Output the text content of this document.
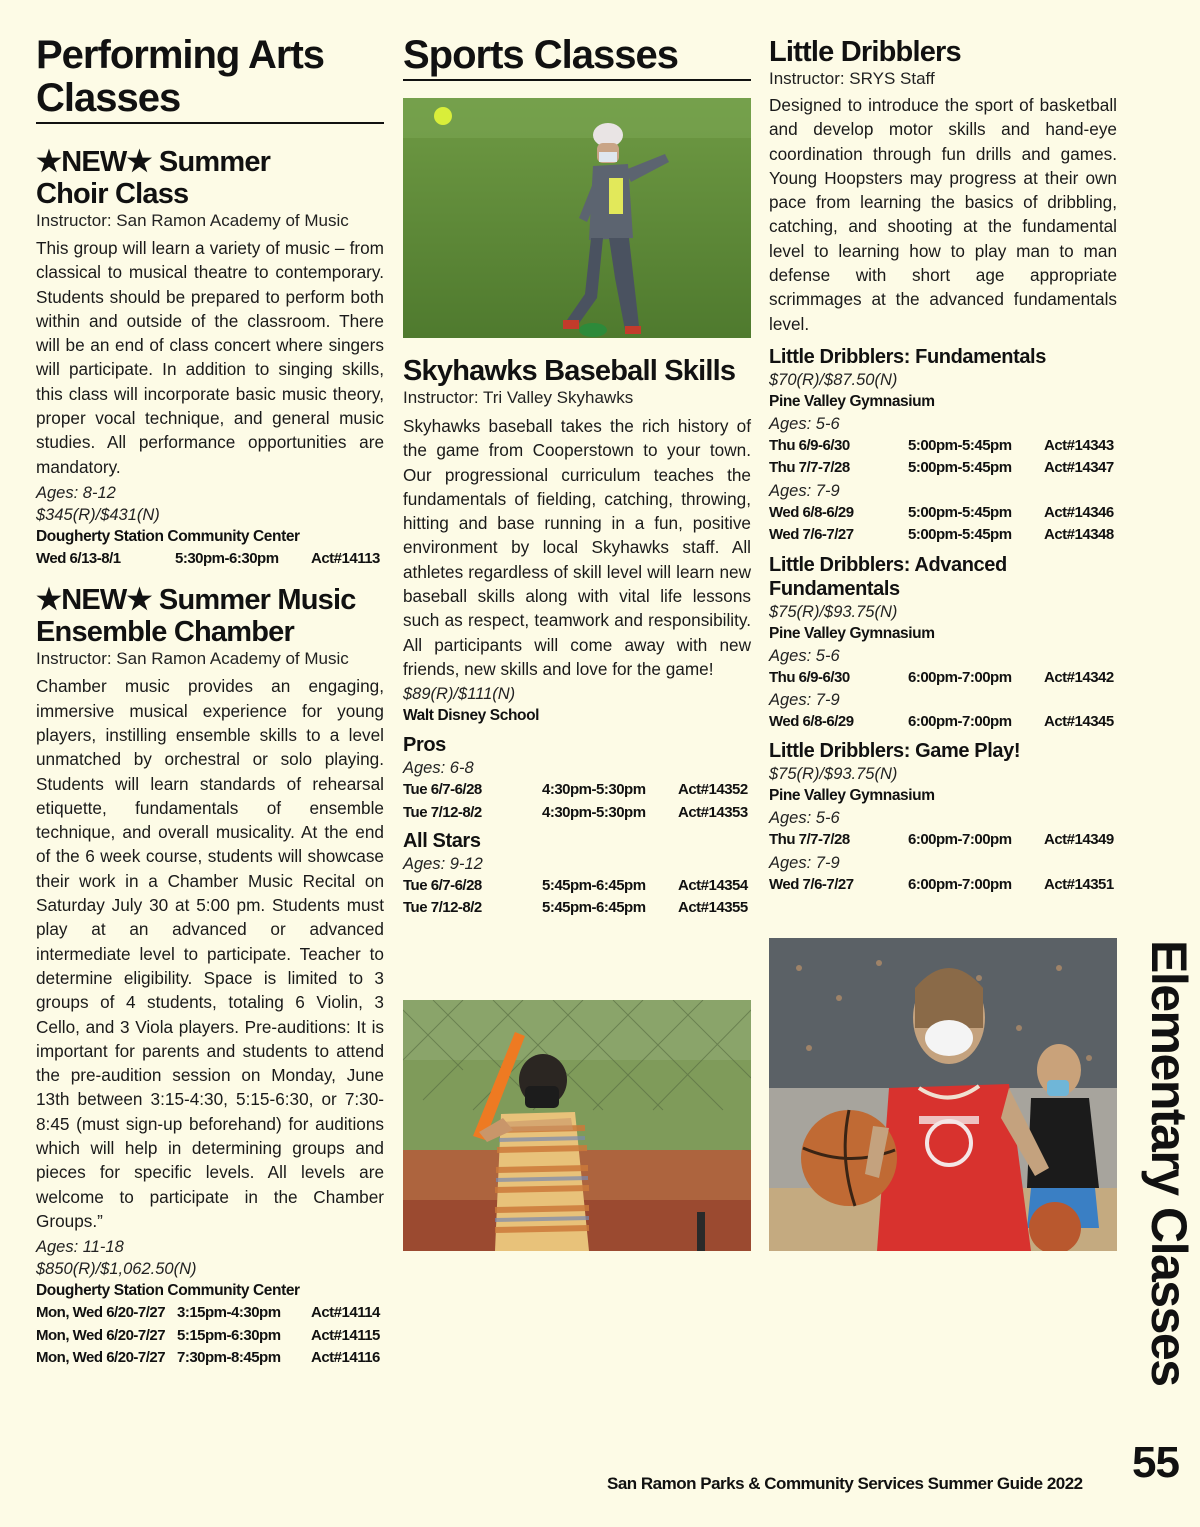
Performing Arts
Classes
★NEW★ Summer
Choir Class
Instructor: San Ramon Academy of Music
This group will learn a variety of music – from classical to musical theatre to contemporary. Students should be prepared to perform both within and outside of the classroom. There will be an end of class concert where singers will participate. In addition to singing skills, this class will incorporate basic music theory, proper vocal technique, and general music studies. All performance opportunities are mandatory.
Ages: 8-12
$345(R)/$431(N)
Dougherty Station Community Center
Wed 6/13-8/1	5:30pm-6:30pm Act#14113
★NEW★ Summer Music
Ensemble Chamber
Instructor: San Ramon Academy of Music
Chamber music provides an engaging, immersive musical experience for young players, instilling ensemble skills to a level unmatched by orchestral or solo playing. Students will learn standards of rehearsal etiquette, fundamentals of ensemble technique, and overall musicality. At the end of the 6 week course, students will showcase their work in a Chamber Music Recital on Saturday July 30 at 5:00 pm. Students must play at an advanced or advanced intermediate level to participate. Teacher to determine eligibility. Space is limited to 3 groups of 4 students, totaling 6 Violin, 3 Cello, and 3 Viola players. Pre-auditions: It is important for parents and students to attend the pre-audition session on Monday, June 13th between 3:15-4:30, 5:15-6:30, or 7:30-8:45 (must sign-up beforehand) for auditions which will help in determining groups and pieces for specific levels. All levels are welcome to participate in the Chamber Groups.”
Ages: 11-18
$850(R)/$1,062.50(N)
Dougherty Station Community Center
Mon, Wed 6/20-7/27 3:15pm-4:30pm Act#14114
Mon, Wed 6/20-7/27 5:15pm-6:30pm Act#14115
Mon, Wed 6/20-7/27 7:30pm-8:45pm Act#14116
Sports Classes
Skyhawks Baseball Skills
Instructor: Tri Valley Skyhawks
Skyhawks baseball takes the rich history of the game from Cooperstown to your town. Our progressional curriculum teaches the fundamentals of fielding, catching, throwing, hitting and base running in a fun, positive environment by local Skyhawks staff. All athletes regardless of skill level will learn new baseball skills along with vital life lessons such as respect, teamwork and responsibility. All participants will come away with new friends, new skills and love for the game!
$89(R)/$111(N)
Walt Disney School
Pros
Ages: 6-8
Tue 6/7-6/28	4:30pm-5:30pm Act#14352
Tue 7/12-8/2	4:30pm-5:30pm Act#14353
All Stars
Ages: 9-12
Tue 6/7-6/28	5:45pm-6:45pm Act#14354
Tue 7/12-8/2	5:45pm-6:45pm Act#14355
Little Dribblers
Instructor: SRYS Staff
Designed to introduce the sport of basketball and develop motor skills and hand-eye coordination through fun drills and games. Young Hoopsters may progress at their own pace from learning the basics of dribbling, catching, and shooting at the fundamental level to learning how to play man to man defense with short age appropriate scrimmages at the advanced fundamentals level.
Little Dribblers: Fundamentals
$70(R)/$87.50(N)
Pine Valley Gymnasium
Ages: 5-6
Thu 6/9-6/30	5:00pm-5:45pm Act#14343
Thu 7/7-7/28	5:00pm-5:45pm Act#14347
Ages: 7-9
Wed 6/8-6/29	5:00pm-5:45pm Act#14346
Wed 7/6-7/27	5:00pm-5:45pm Act#14348
Little Dribblers: Advanced
Fundamentals
$75(R)/$93.75(N)
Pine Valley Gymnasium
Ages: 5-6
Thu 6/9-6/30	6:00pm-7:00pm Act#14342
Ages: 7-9
Wed 6/8-6/29	6:00pm-7:00pm Act#14345
Little Dribblers: Game Play!
$75(R)/$93.75(N)
Pine Valley Gymnasium
Ages: 5-6
Thu 7/7-7/28	6:00pm-7:00pm Act#14349
Ages: 7-9
Wed 7/6-7/27	6:00pm-7:00pm Act#14351
Elementary Classes
San Ramon Parks & Community Services Summer Guide 2022 55
